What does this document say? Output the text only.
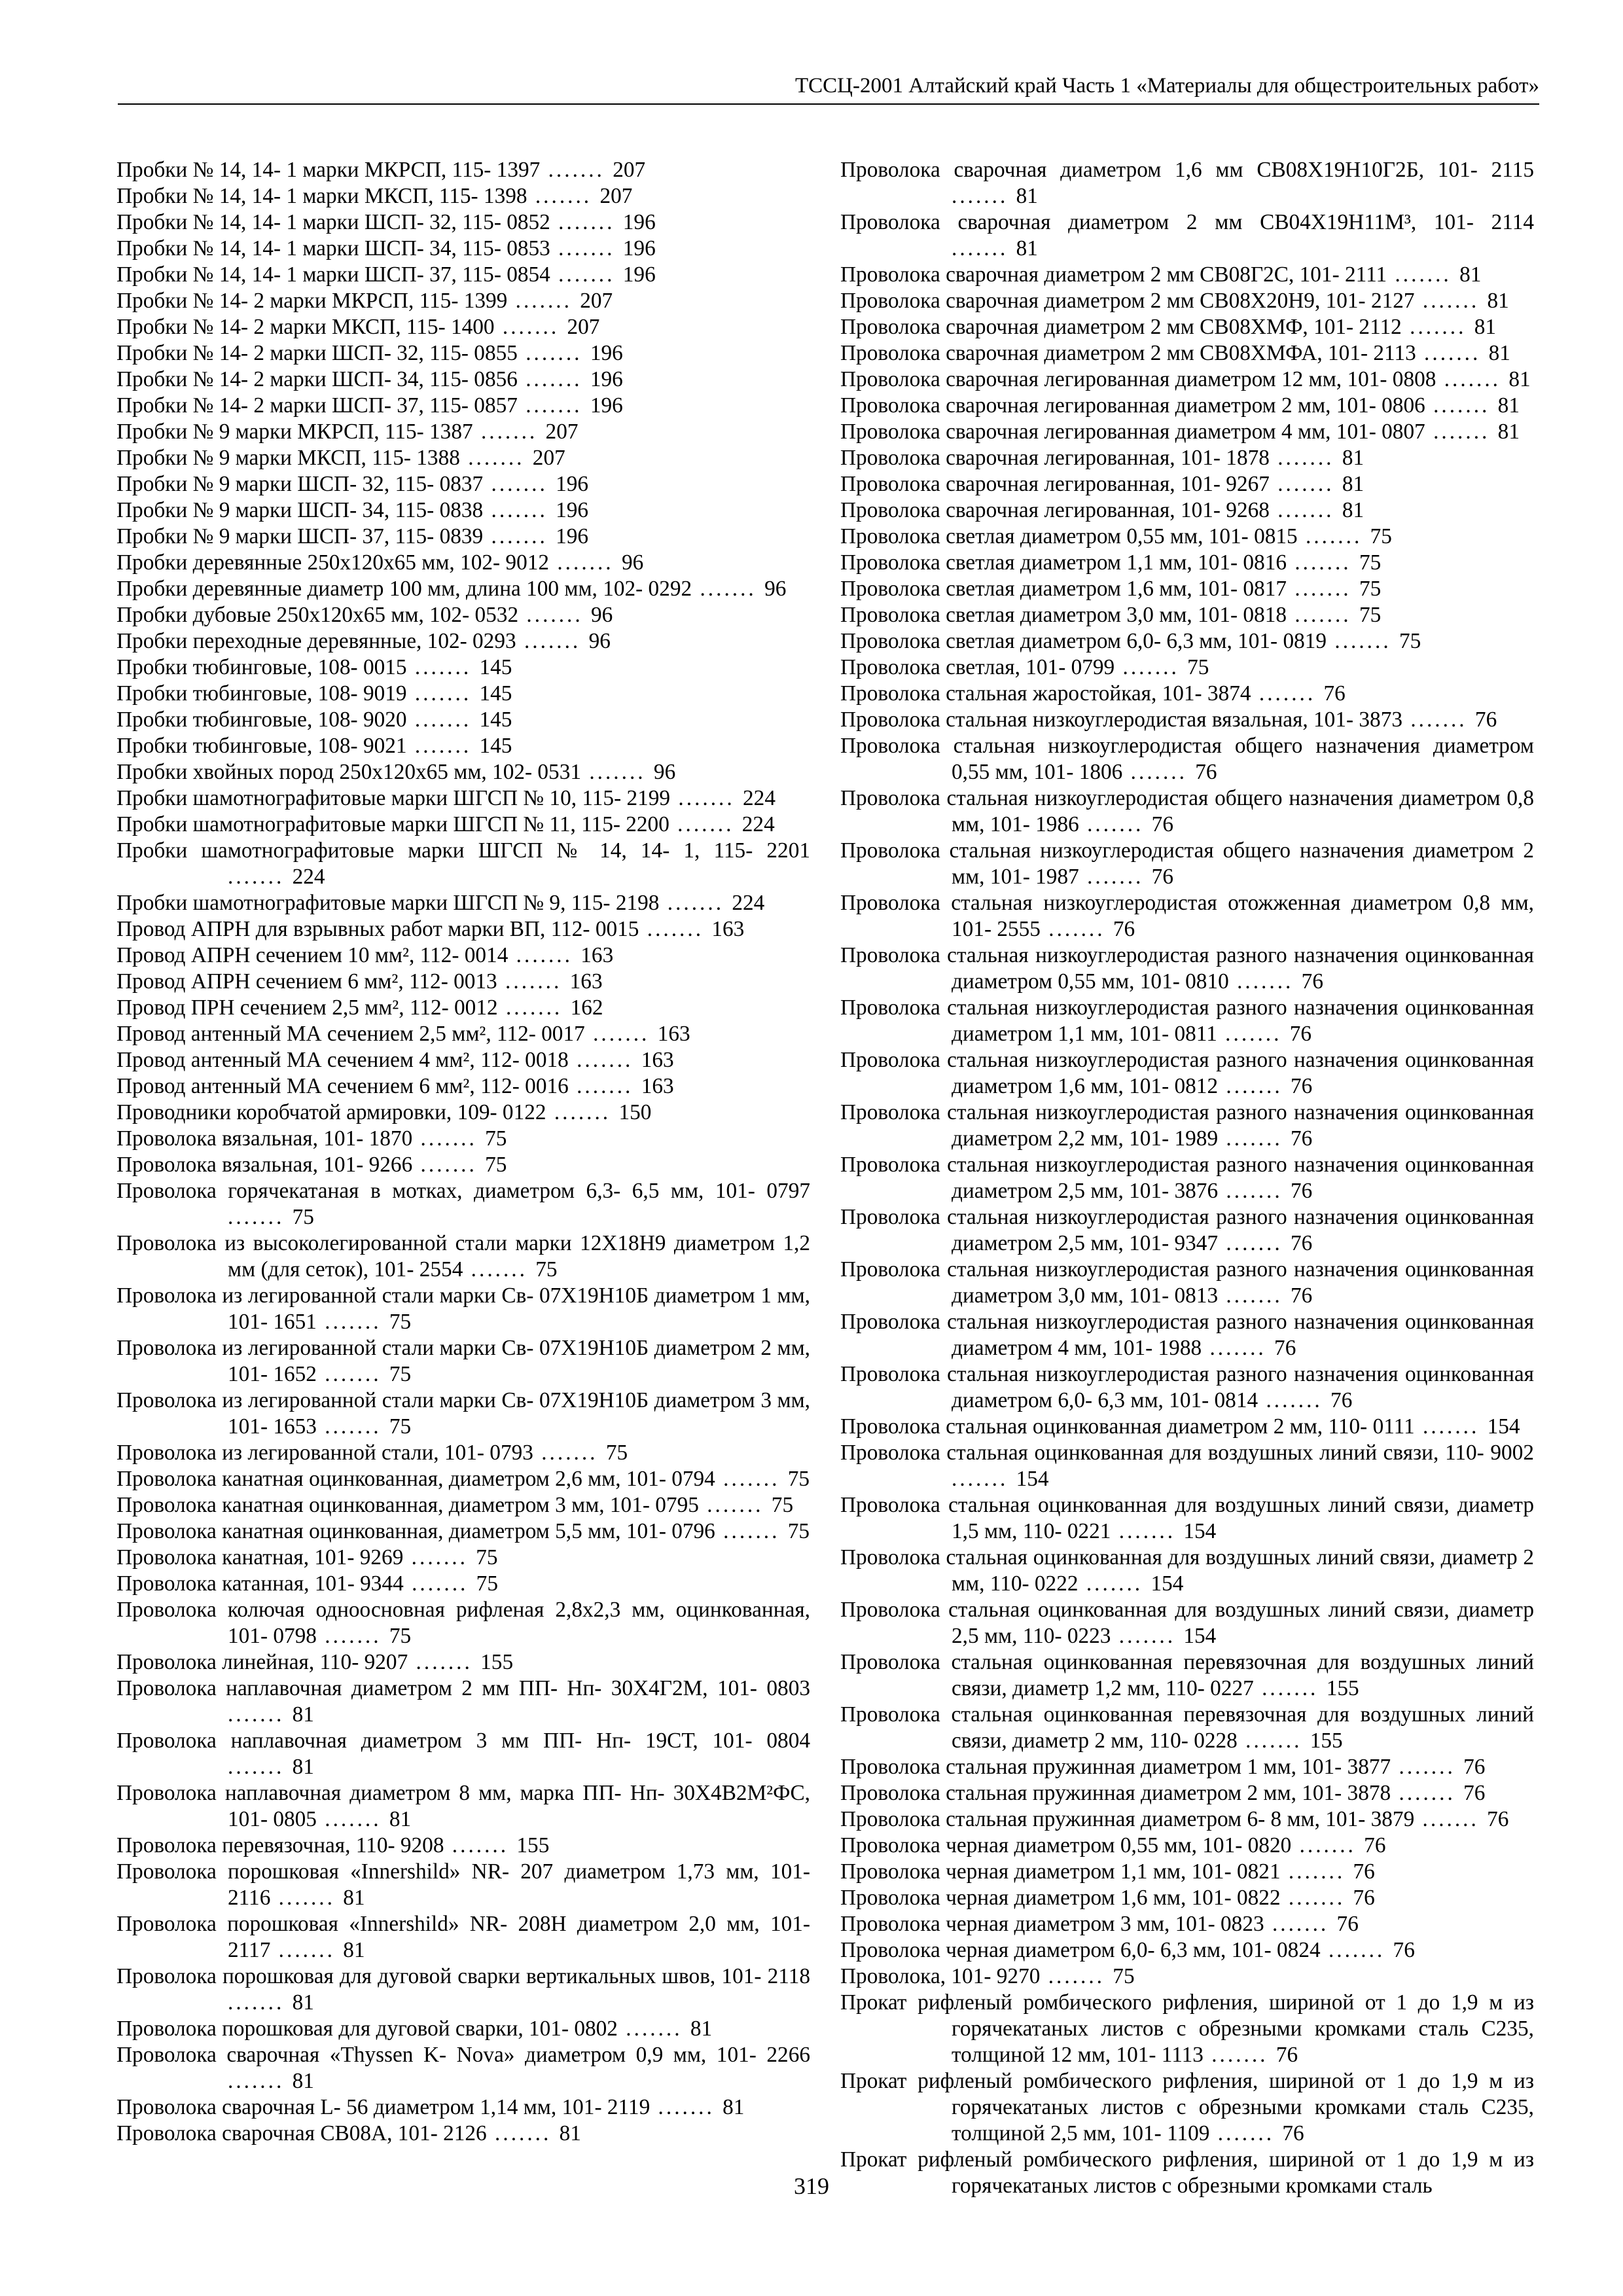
ТССЦ-2001 Алтайский край Часть 1 «Материалы для общестроительных работ»
Пробки № 14, 14- 1 марки МКРСП, 115- 1397 ....... 207
Пробки № 14, 14- 1 марки МКСП, 115- 1398 ....... 207
Пробки № 14, 14- 1 марки ШСП- 32, 115- 0852 ....... 196
Пробки № 14, 14- 1 марки ШСП- 34, 115- 0853 ....... 196
Пробки № 14, 14- 1 марки ШСП- 37, 115- 0854 ....... 196
Пробки № 14- 2 марки МКРСП, 115- 1399 ....... 207
Пробки № 14- 2 марки МКСП, 115- 1400 ....... 207
Пробки № 14- 2 марки ШСП- 32, 115- 0855 ....... 196
Пробки № 14- 2 марки ШСП- 34, 115- 0856 ....... 196
Пробки № 14- 2 марки ШСП- 37, 115- 0857 ....... 196
Пробки № 9 марки МКРСП, 115- 1387 ....... 207
Пробки № 9 марки МКСП, 115- 1388 ....... 207
Пробки № 9 марки ШСП- 32, 115- 0837 ....... 196
Пробки № 9 марки ШСП- 34, 115- 0838 ....... 196
Пробки № 9 марки ШСП- 37, 115- 0839 ....... 196
Пробки деревянные 250х120х65 мм, 102- 9012 ....... 96
Пробки деревянные диаметр 100 мм, длина 100 мм, 102- 0292 ....... 96
Пробки дубовые 250х120х65 мм, 102- 0532 ....... 96
Пробки переходные деревянные, 102- 0293 ....... 96
Пробки тюбинговые, 108- 0015 ....... 145
Пробки тюбинговые, 108- 9019 ....... 145
Пробки тюбинговые, 108- 9020 ....... 145
Пробки тюбинговые, 108- 9021 ....... 145
Пробки хвойных пород 250х120х65 мм, 102- 0531 ....... 96
Пробки шамотнографитовые марки ШГСП № 10, 115- 2199 ....... 224
Пробки шамотнографитовые марки ШГСП № 11, 115- 2200 ....... 224
Пробки шамотнографитовые марки ШГСП № 14, 14- 1, 115- 2201 ....... 224
Пробки шамотнографитовые марки ШГСП № 9, 115- 2198 ....... 224
Провод АПРН для взрывных работ марки ВП, 112- 0015 ....... 163
Провод АПРН сечением 10 мм², 112- 0014 ....... 163
Провод АПРН сечением 6 мм², 112- 0013 ....... 163
Провод ПРН сечением 2,5 мм², 112- 0012 ....... 162
Провод антенный МА сечением 2,5 мм², 112- 0017 ....... 163
Провод антенный МА сечением 4 мм², 112- 0018 ....... 163
Провод антенный МА сечением 6 мм², 112- 0016 ....... 163
Проводники коробчатой армировки, 109- 0122 ....... 150
Проволока вязальная, 101- 1870 ....... 75
Проволока вязальная, 101- 9266 ....... 75
Проволока горячекатаная в мотках, диаметром 6,3- 6,5 мм, 101- 0797 ....... 75
Проволока из высоколегированной стали марки 12Х18Н9 диаметром 1,2 мм (для сеток), 101- 2554 ....... 75
Проволока из легированной стали марки Св- 07Х19Н10Б диаметром 1 мм, 101- 1651 ....... 75
Проволока из легированной стали марки Св- 07Х19Н10Б диаметром 2 мм, 101- 1652 ....... 75
Проволока из легированной стали марки Св- 07Х19Н10Б диаметром 3 мм, 101- 1653 ....... 75
Проволока из легированной стали, 101- 0793 ....... 75
Проволока канатная оцинкованная, диаметром 2,6 мм, 101- 0794 ....... 75
Проволока канатная оцинкованная, диаметром 3 мм, 101- 0795 ....... 75
Проволока канатная оцинкованная, диаметром 5,5 мм, 101- 0796 ....... 75
Проволока канатная, 101- 9269 ....... 75
Проволока катанная, 101- 9344 ....... 75
Проволока колючая одноосновная рифленая 2,8х2,3 мм, оцинкованная, 101- 0798 ....... 75
Проволока линейная, 110- 9207 ....... 155
Проволока наплавочная диаметром 2 мм ПП- Нп- 30Х4Г2М, 101- 0803 ....... 81
Проволока наплавочная диаметром 3 мм ПП- Нп- 19СТ, 101- 0804 ....... 81
Проволока наплавочная диаметром 8 мм, марка ПП- Нп- 30Х4В2М²ФС, 101- 0805 ....... 81
Проволока перевязочная, 110- 9208 ....... 155
Проволока порошковая «Innershild» NR- 207 диаметром 1,73 мм, 101- 2116 ....... 81
Проволока порошковая «Innershild» NR- 208H диаметром 2,0 мм, 101- 2117 ....... 81
Проволока порошковая для дуговой сварки вертикальных швов, 101- 2118 ....... 81
Проволока порошковая для дуговой сварки, 101- 0802 ....... 81
Проволока сварочная «Thyssen K- Nova» диаметром 0,9 мм, 101- 2266 ....... 81
Проволока сварочная L- 56 диаметром 1,14 мм, 101- 2119 ....... 81
Проволока сварочная СВ08А, 101- 2126 ....... 81
Проволока сварочная диаметром 1,6 мм СВ08Х19Н10Г2Б, 101- 2115 ....... 81
Проволока сварочная диаметром 2 мм СВ04Х19Н11М³, 101- 2114 ....... 81
Проволока сварочная диаметром 2 мм СВ08Г2С, 101- 2111 ....... 81
Проволока сварочная диаметром 2 мм СВ08Х20Н9, 101- 2127 ....... 81
Проволока сварочная диаметром 2 мм СВ08ХМФ, 101- 2112 ....... 81
Проволока сварочная диаметром 2 мм СВ08ХМФА, 101- 2113 ....... 81
Проволока сварочная легированная диаметром 12 мм, 101- 0808 ....... 81
Проволока сварочная легированная диаметром 2 мм, 101- 0806 ....... 81
Проволока сварочная легированная диаметром 4 мм, 101- 0807 ....... 81
Проволока сварочная легированная, 101- 1878 ....... 81
Проволока сварочная легированная, 101- 9267 ....... 81
Проволока сварочная легированная, 101- 9268 ....... 81
Проволока светлая диаметром 0,55 мм, 101- 0815 ....... 75
Проволока светлая диаметром 1,1 мм, 101- 0816 ....... 75
Проволока светлая диаметром 1,6 мм, 101- 0817 ....... 75
Проволока светлая диаметром 3,0 мм, 101- 0818 ....... 75
Проволока светлая диаметром 6,0- 6,3 мм, 101- 0819 ....... 75
Проволока светлая, 101- 0799 ....... 75
Проволока стальная жаростойкая, 101- 3874 ....... 76
Проволока стальная низкоуглеродистая вязальная, 101- 3873 ....... 76
Проволока стальная низкоуглеродистая общего назначения диаметром 0,55 мм, 101- 1806 ....... 76
Проволока стальная низкоуглеродистая общего назначения диаметром 0,8 мм, 101- 1986 ....... 76
Проволока стальная низкоуглеродистая общего назначения диаметром 2 мм, 101- 1987 ....... 76
Проволока стальная низкоуглеродистая отожженная диаметром 0,8 мм, 101- 2555 ....... 76
Проволока стальная низкоуглеродистая разного назначения оцинкованная диаметром 0,55 мм, 101- 0810 ....... 76
Проволока стальная низкоуглеродистая разного назначения оцинкованная диаметром 1,1 мм, 101- 0811 ....... 76
Проволока стальная низкоуглеродистая разного назначения оцинкованная диаметром 1,6 мм, 101- 0812 ....... 76
Проволока стальная низкоуглеродистая разного назначения оцинкованная диаметром 2,2 мм, 101- 1989 ....... 76
Проволока стальная низкоуглеродистая разного назначения оцинкованная диаметром 2,5 мм, 101- 3876 ....... 76
Проволока стальная низкоуглеродистая разного назначения оцинкованная диаметром 2,5 мм, 101- 9347 ....... 76
Проволока стальная низкоуглеродистая разного назначения оцинкованная диаметром 3,0 мм, 101- 0813 ....... 76
Проволока стальная низкоуглеродистая разного назначения оцинкованная диаметром 4 мм, 101- 1988 ....... 76
Проволока стальная низкоуглеродистая разного назначения оцинкованная диаметром 6,0- 6,3 мм, 101- 0814 ....... 76
Проволока стальная оцинкованная диаметром 2 мм, 110- 0111 ....... 154
Проволока стальная оцинкованная для воздушных линий связи, 110- 9002 ....... 154
Проволока стальная оцинкованная для воздушных линий связи, диаметр 1,5 мм, 110- 0221 ....... 154
Проволока стальная оцинкованная для воздушных линий связи, диаметр 2 мм, 110- 0222 ....... 154
Проволока стальная оцинкованная для воздушных линий связи, диаметр 2,5 мм, 110- 0223 ....... 154
Проволока стальная оцинкованная перевязочная для воздушных линий связи, диаметр 1,2 мм, 110- 0227 ....... 155
Проволока стальная оцинкованная перевязочная для воздушных линий связи, диаметр 2 мм, 110- 0228 ....... 155
Проволока стальная пружинная диаметром 1 мм, 101- 3877 ....... 76
Проволока стальная пружинная диаметром 2 мм, 101- 3878 ....... 76
Проволока стальная пружинная диаметром 6- 8 мм, 101- 3879 ....... 76
Проволока черная диаметром 0,55 мм, 101- 0820 ....... 76
Проволока черная диаметром 1,1 мм, 101- 0821 ....... 76
Проволока черная диаметром 1,6 мм, 101- 0822 ....... 76
Проволока черная диаметром 3 мм, 101- 0823 ....... 76
Проволока черная диаметром 6,0- 6,3 мм, 101- 0824 ....... 76
Проволока, 101- 9270 ....... 75
Прокат рифленый ромбического рифления, шириной от 1 до 1,9 м из горячекатаных листов с обрезными кромками сталь С235, толщиной 12 мм, 101- 1113 ....... 76
Прокат рифленый ромбического рифления, шириной от 1 до 1,9 м из горячекатаных листов с обрезными кромками сталь С235, толщиной 2,5 мм, 101- 1109 ....... 76
Прокат рифленый ромбического рифления, шириной от 1 до 1,9 м из горячекатаных листов с обрезными кромками сталь
319
